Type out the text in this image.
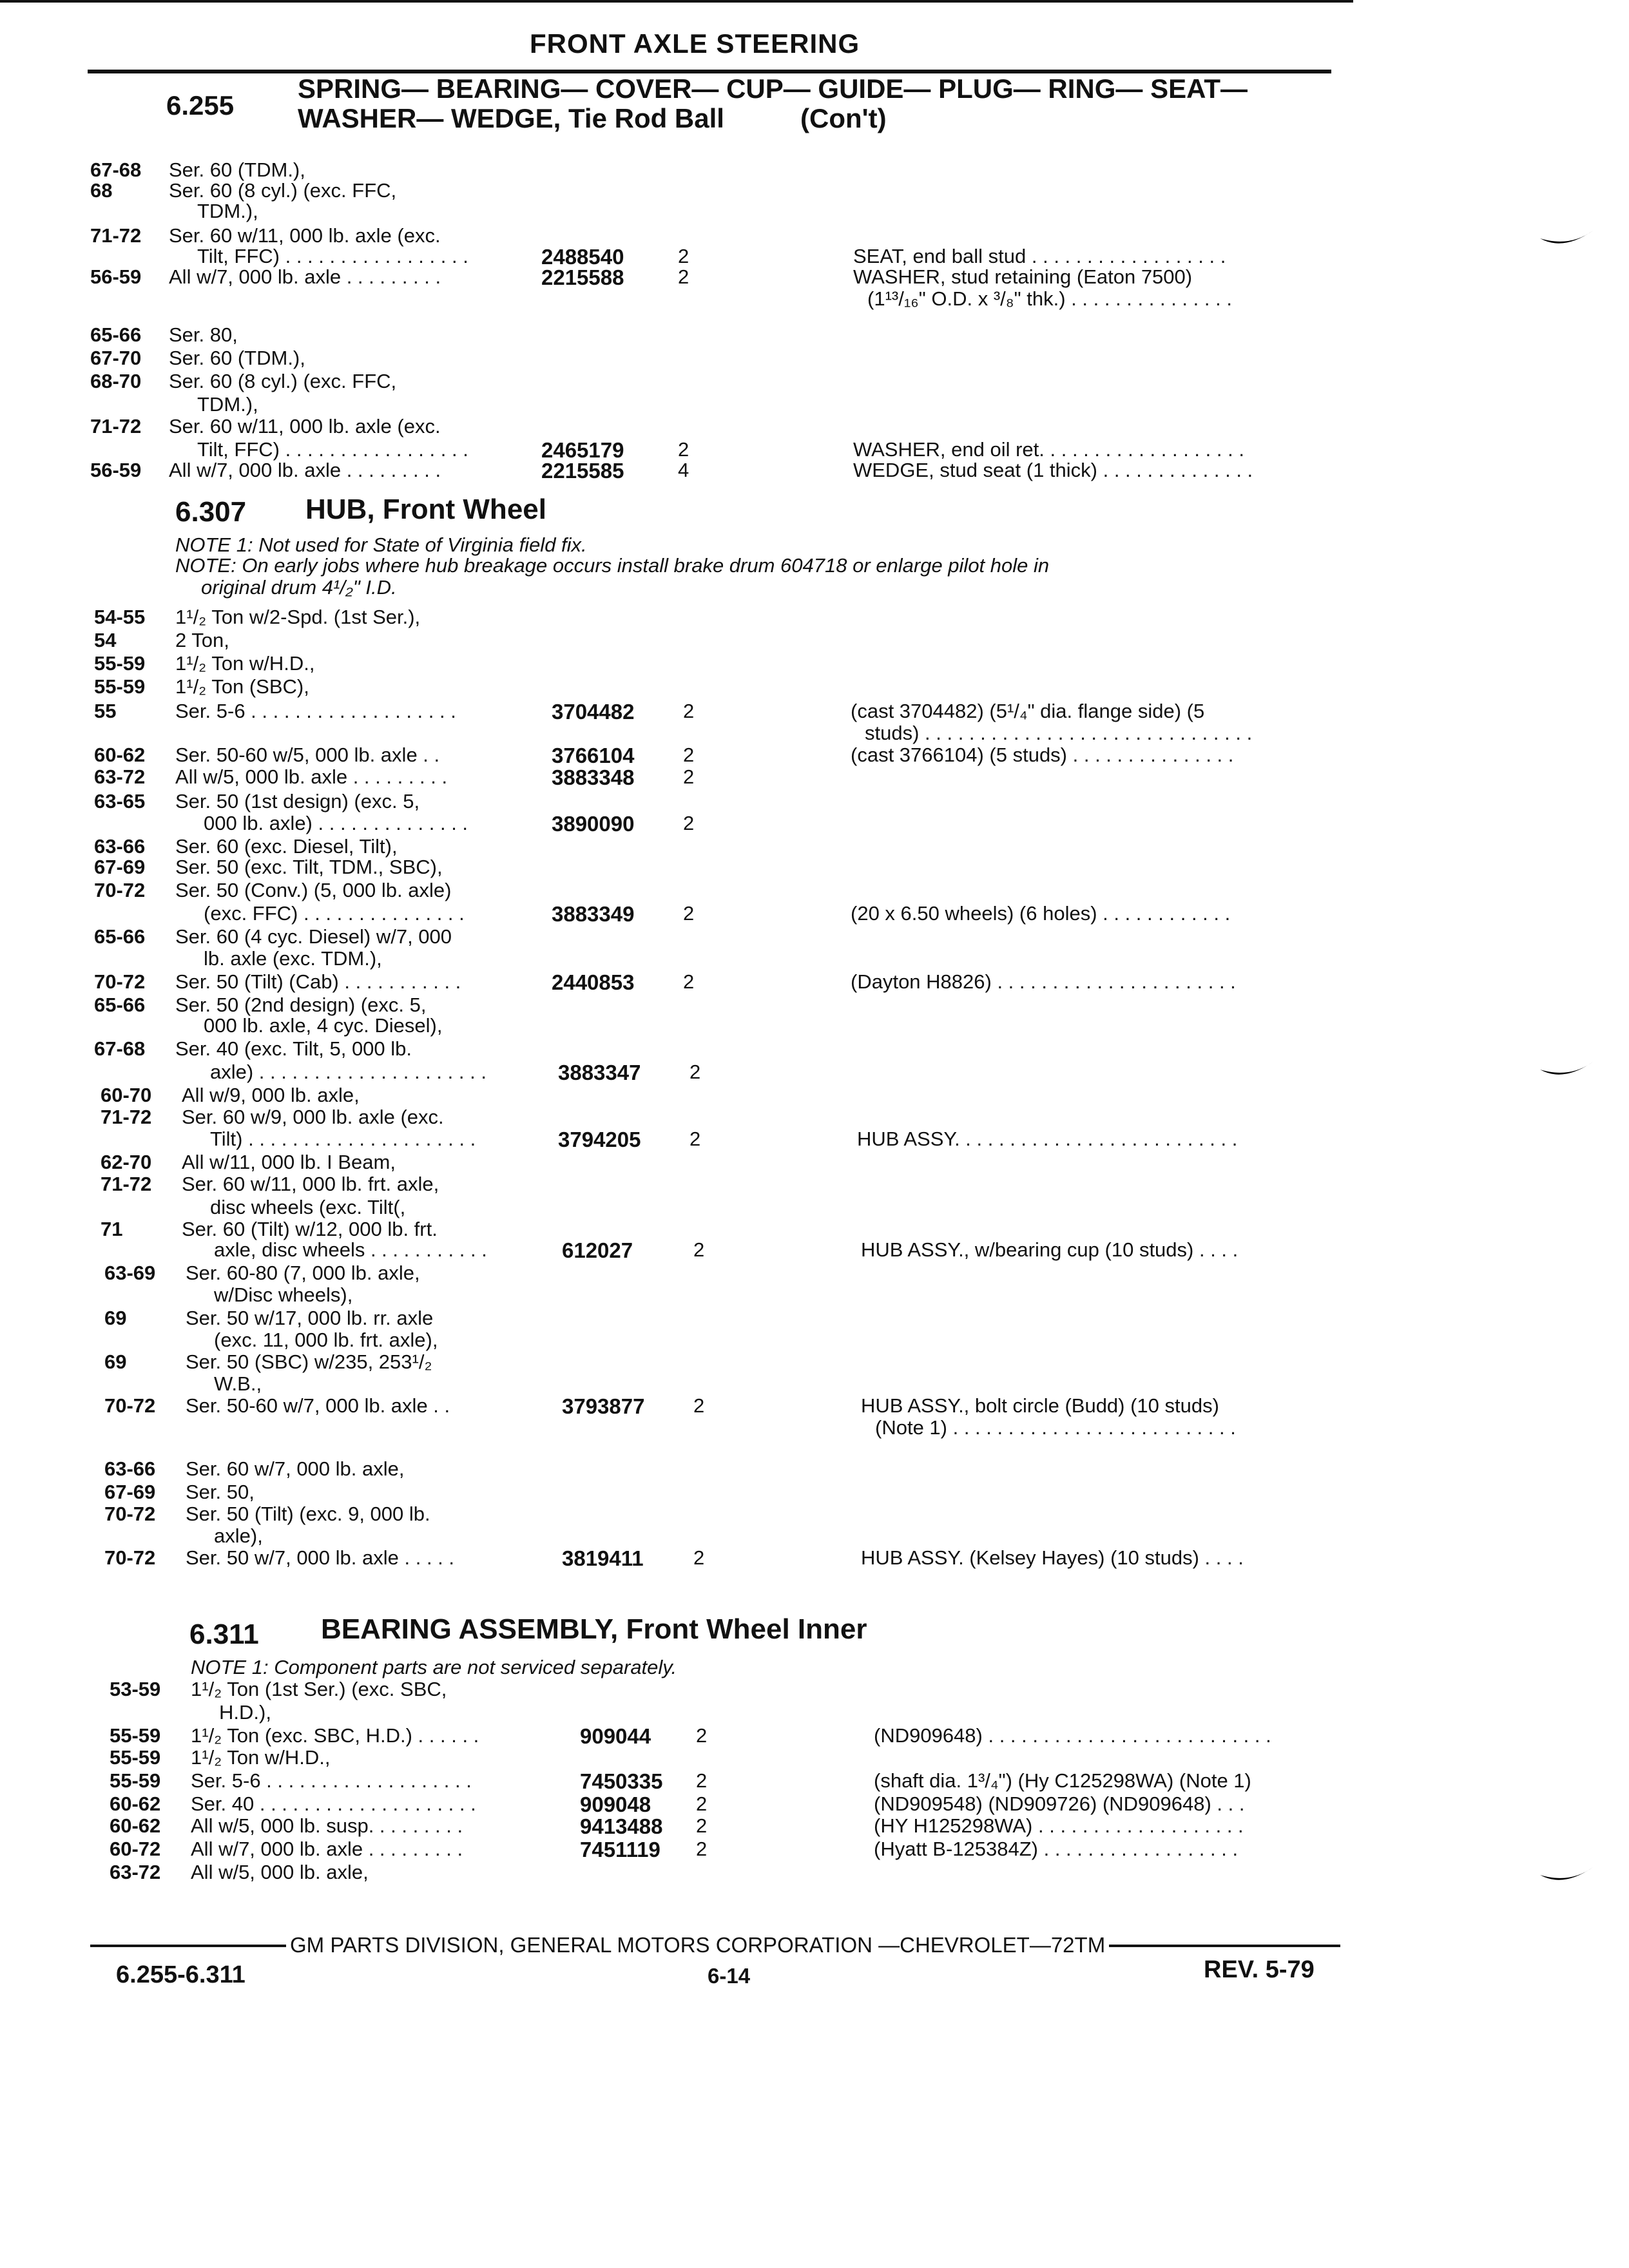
FRONT AXLE STEERING
6.255
SPRING— BEARING— COVER— CUP— GUIDE— PLUG— RING— SEAT—
WASHER— WEDGE, Tie Rod Ball	(Con't)
67-68 Ser. 60 (TDM.),
68	Ser. 60 (8 cyl.) (exc. FFC,
TDM.),
71-72 Ser. 60 w/11, 000 lb. axle (exc.
Tilt, FFC) . . . . . . . . . . . . . . . . .	2488540	2	SEAT, end ball stud . . . . . . . . . . . . . . . . . .
56-59 All w/7, 000 lb. axle . . . . . . . . .	2215588	2	WASHER, stud retaining (Eaton 7500)
(1¹³/₁₆" O.D. x ³/₈" thk.) . . . . . . . . . . . . . . .
65-66 Ser. 80,
67-70 Ser. 60 (TDM.),
68-70 Ser. 60 (8 cyl.) (exc. FFC,
TDM.),
71-72 Ser. 60 w/11, 000 lb. axle (exc.
Tilt, FFC) . . . . . . . . . . . . . . . . .	2465179	2	WASHER, end oil ret. . . . . . . . . . . . . . . . . . .
56-59 All w/7, 000 lb. axle . . . . . . . . .	2215585	4	WEDGE, stud seat (1 thick) . . . . . . . . . . . . . .
6.307 HUB, Front Wheel
NOTE 1: Not used for State of Virginia field fix.
NOTE: On early jobs where hub breakage occurs install brake drum 604718 or enlarge pilot hole in
original drum 4¹/₂" I.D.
54-55 1¹/₂ Ton w/2-Spd. (1st Ser.),
54	2 Ton,
55-59 1¹/₂ Ton w/H.D.,
55-59 1¹/₂ Ton (SBC),
55	Ser. 5-6 . . . . . . . . . . . . . . . . . . .	3704482 2	(cast 3704482) (5¹/₄" dia. flange side) (5
studs) . . . . . . . . . . . . . . . . . . . . . . . . . . . . . .
60-62 Ser. 50-60 w/5, 000 lb. axle . .	3766104 2	(cast 3766104) (5 studs) . . . . . . . . . . . . . . .
63-72 All w/5, 000 lb. axle . . . . . . . . .	3883348 2
63-65 Ser. 50 (1st design) (exc. 5,
000 lb. axle) . . . . . . . . . . . . . .	3890090 2
63-66 Ser. 60 (exc. Diesel, Tilt),
67-69 Ser. 50 (exc. Tilt, TDM., SBC),
70-72 Ser. 50 (Conv.) (5, 000 lb. axle)
(exc. FFC) . . . . . . . . . . . . . . .	3883349 2	(20 x 6.50 wheels) (6 holes) . . . . . . . . . . . .
65-66 Ser. 60 (4 cyc. Diesel) w/7, 000
lb. axle (exc. TDM.),
70-72 Ser. 50 (Tilt) (Cab) . . . . . . . . . . .	2440853 2	(Dayton H8826) . . . . . . . . . . . . . . . . . . . . . .
65-66 Ser. 50 (2nd design) (exc. 5,
000 lb. axle, 4 cyc. Diesel),
67-68 Ser. 40 (exc. Tilt, 5, 000 lb.
axle) . . . . . . . . . . . . . . . . . . . . .	3883347 2
60-70 All w/9, 000 lb. axle,
71-72 Ser. 60 w/9, 000 lb. axle (exc.
Tilt) . . . . . . . . . . . . . . . . . . . . .	3794205 2	HUB ASSY. . . . . . . . . . . . . . . . . . . . . . . . . .
62-70 All w/11, 000 lb. I Beam,
71-72 Ser. 60 w/11, 000 lb. frt. axle,
disc wheels (exc. Tilt(,
71	Ser. 60 (Tilt) w/12, 000 lb. frt.
axle, disc wheels . . . . . . . . . . .	612027	2	HUB ASSY., w/bearing cup (10 studs) . . . .
63-69 Ser. 60-80 (7, 000 lb. axle,
w/Disc wheels),
69	Ser. 50 w/17, 000 lb. rr. axle
(exc. 11, 000 lb. frt. axle),
69	Ser. 50 (SBC) w/235, 253¹/₂
W.B.,
70-72 Ser. 50-60 w/7, 000 lb. axle . .	3793877 2	HUB ASSY., bolt circle (Budd) (10 studs)
(Note 1) . . . . . . . . . . . . . . . . . . . . . . . . . .
63-66 Ser. 60 w/7, 000 lb. axle,
67-69 Ser. 50,
70-72 Ser. 50 (Tilt) (exc. 9, 000 lb.
axle),
70-72 Ser. 50 w/7, 000 lb. axle . . . . .	3819411 2	HUB ASSY. (Kelsey Hayes) (10 studs) . . . .
6.311 BEARING ASSEMBLY, Front Wheel Inner
NOTE 1: Component parts are not serviced separately.
53-59 1¹/₂ Ton (1st Ser.) (exc. SBC,
H.D.),
55-59 1¹/₂ Ton (exc. SBC, H.D.) . . . . . .	909044 2	(ND909648) . . . . . . . . . . . . . . . . . . . . . . . . . .
55-59 1¹/₂ Ton w/H.D.,
55-59 Ser. 5-6 . . . . . . . . . . . . . . . . . . .	7450335 2	(shaft dia. 1³/₄") (Hy C125298WA) (Note 1)
60-62 Ser. 40 . . . . . . . . . . . . . . . . . . . .	909048 2	(ND909548) (ND909726) (ND909648) . . .
60-62 All w/5, 000 lb. susp. . . . . . . . .	9413488 2	(HY H125298WA) . . . . . . . . . . . . . . . . . . .
60-72 All w/7, 000 lb. axle . . . . . . . . .	7451119 2	(Hyatt B-125384Z) . . . . . . . . . . . . . . . . . .
63-72 All w/5, 000 lb. axle,
GM PARTS DIVISION, GENERAL MOTORS CORPORATION —CHEVROLET—72TM
6.255-6.311	6-14	REV. 5-79
